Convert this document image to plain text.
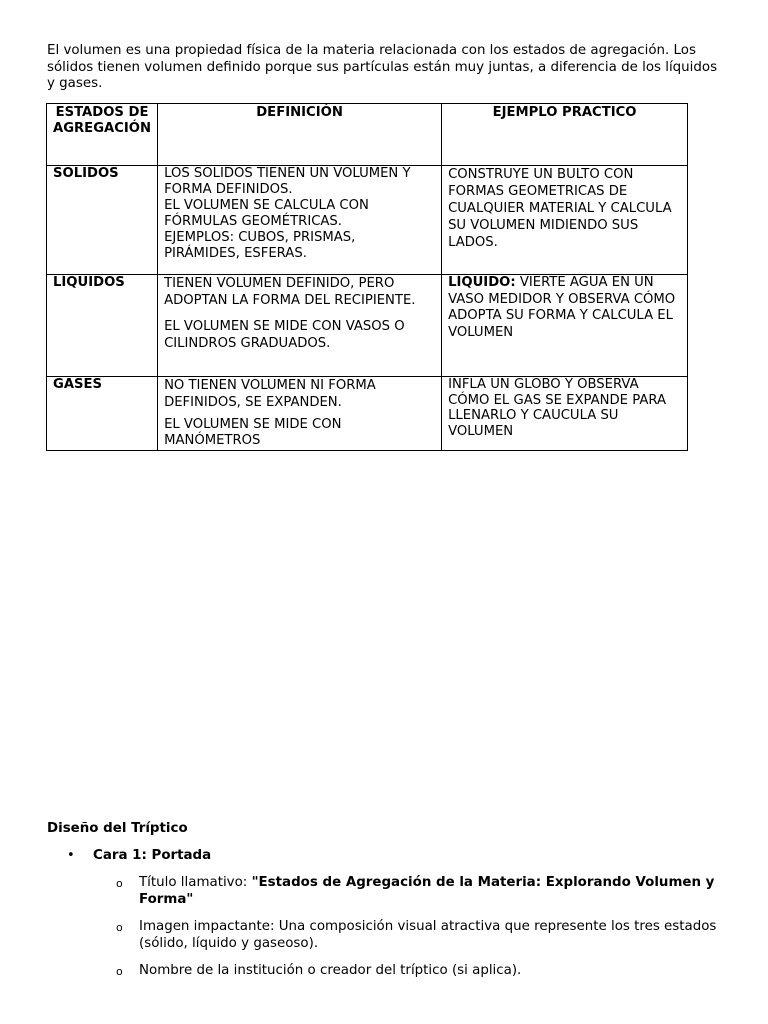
El volumen es una propiedad física de la materia relacionada con los estados de agregación. Los sólidos tienen volumen definido porque sus partículas están muy juntas, a diferencia de los líquidos y gases.

ESTADOS DE AGREGACIÓN	DEFINICIÓN	EJEMPLO PRACTICO
SÓLIDOS	LOS SÓLIDOS TIENEN UN VOLUMEN Y FORMA DEFINIDOS.

EL VOLUMEN SE CALCULA CON FÓRMULAS GEOMÉTRICAS.

EJEMPLOS: CUBOS, PRISMAS, PIRÁMIDES, ESFERAS.	CONSTRUYE UN BULTO CON FORMAS GEOMETRICAS DE CUALQUIER MATERIAL Y CALCULA SU VOLUMEN MIDIENDO SUS LADOS.

LÍQUIDOS	TIENEN VOLUMEN DEFINIDO, PERO ADOPTAN LA FORMA DEL RECIPIENTE.

EL VOLUMEN SE MIDE CON VASOS O CILINDROS GRADUADOS.	LÍQUIDO: VIERTE AGUA EN UN VASO MEDIDOR Y OBSERVA CÓMO ADOPTA SU FORMA Y CALCULA EL VOLUMEN

GASES	NO TIENEN VOLUMEN NI FORMA DEFINIDOS, SE EXPANDEN.

EL VOLUMEN SE MIDE CON MANÓMETROS	INFLA UN GLOBO Y OBSERVA CÓMO EL GAS SE EXPANDE PARA LLENARLO Y CAUCULA SU VOLUMEN

Diseño del Tríptico

• Cara 1: Portada
o Título llamativo: "Estados de Agregación de la Materia: Explorando Volumen y Forma"
o Imagen impactante: Una composición visual atractiva que represente los tres estados (sólido, líquido y gaseoso).
o Nombre de la institución o creador del tríptico (si aplica).
